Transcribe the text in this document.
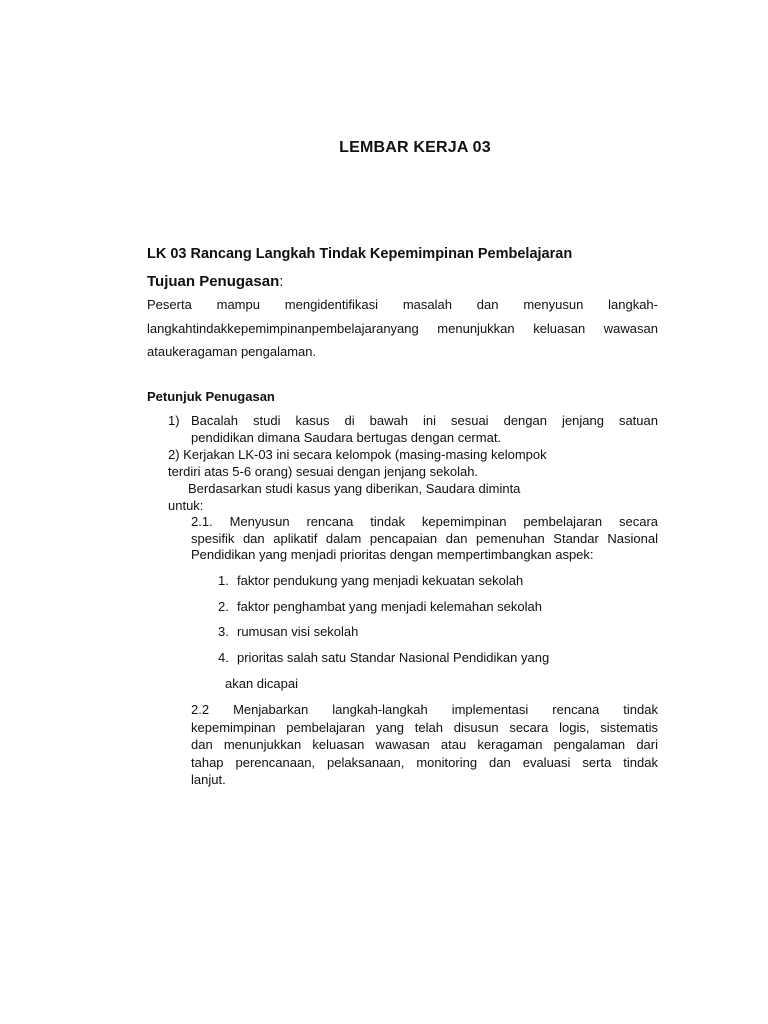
LEMBAR KERJA 03
LK 03 Rancang Langkah Tindak Kepemimpinan Pembelajaran
Tujuan Penugasan:
Peserta mampu mengidentifikasi masalah dan menyusun langkah-
langkahtindakkepemimpinanpembelajaranyang menunjukkan keluasan wawasan
ataukeragaman pengalaman.
Petunjuk Penugasan
1) Bacalah studi kasus di bawah ini sesuai dengan jenjang satuan
pendidikan dimana Saudara bertugas dengan cermat.
2) Kerjakan LK-03 ini secara kelompok (masing-masing kelompok
terdiri atas 5-6 orang) sesuai dengan jenjang sekolah.
Berdasarkan studi kasus yang diberikan, Saudara diminta
untuk:
2.1. Menyusun rencana tindak kepemimpinan pembelajaran secara
spesifik dan aplikatif dalam pencapaian dan pemenuhan Standar Nasional
Pendidikan yang menjadi prioritas dengan mempertimbangkan aspek:
1. faktor pendukung yang menjadi kekuatan sekolah
2. faktor penghambat yang menjadi kelemahan sekolah
3. rumusan visi sekolah
4. prioritas salah satu Standar Nasional Pendidikan yang
akan dicapai
2.2 Menjabarkan langkah-langkah implementasi rencana tindak
kepemimpinan pembelajaran yang telah disusun secara logis, sistematis
dan menunjukkan keluasan wawasan atau keragaman pengalaman dari
tahap perencanaan, pelaksanaan, monitoring dan evaluasi serta tindak
lanjut.
